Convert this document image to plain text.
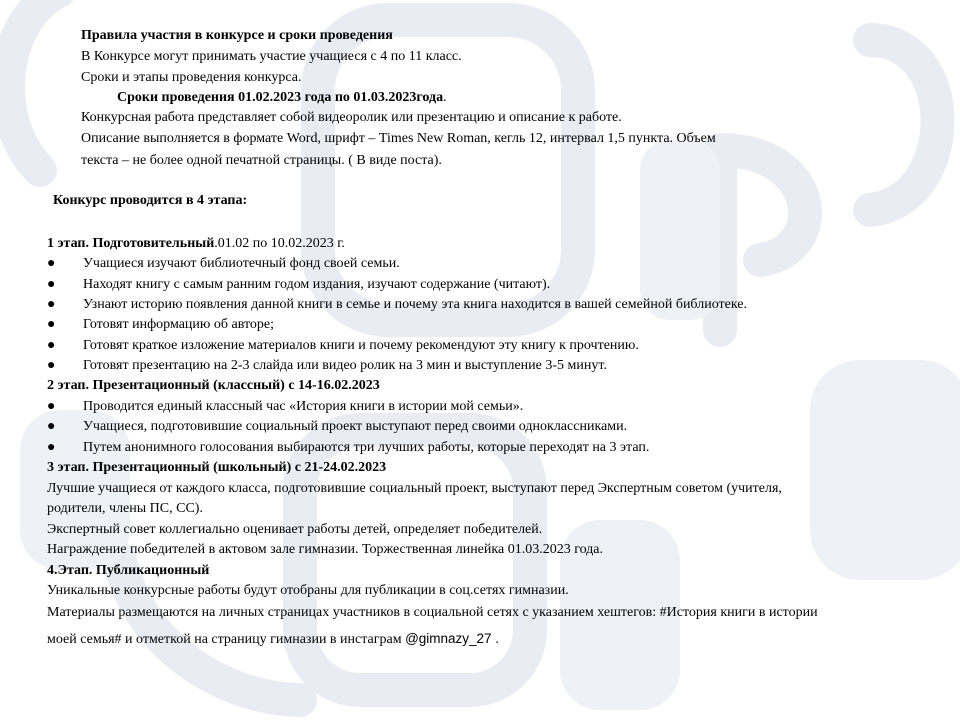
Правила участия в конкурсе и сроки проведения
В Конкурсе могут принимать участие учащиеся с 4 по 11 класс.
Сроки и этапы проведения конкурса.
Сроки проведения 01.02.2023 года по 01.03.2023года.
Конкурсная работа представляет собой видеоролик или презентацию и описание к работе.
Описание выполняется в формате Word, шрифт – Times New Roman, кегль 12, интервал 1,5 пункта. Объем
текста – не более одной печатной страницы. ( В виде поста).
Конкурс проводится в 4 этапа:
1 этап. Подготовительный.01.02 по 10.02.2023 г.
● Учащиеся изучают библиотечный фонд своей семьи.
● Находят книгу с самым ранним годом издания, изучают содержание (читают).
● Узнают историю появления данной книги в семье и почему эта книга находится в вашей семейной библиотеке.
● Готовят информацию об авторе;
● Готовят краткое изложение материалов книги и почему рекомендуют эту книгу к прочтению.
● Готовят презентацию на 2-3 слайда или видео ролик на 3 мин и выступление 3-5 минут.
2 этап. Презентационный (классный) с 14-16.02.2023
● Проводится единый классный час «История книги в истории мой семьи».
● Учащиеся, подготовившие социальный проект выступают перед своими одноклассниками.
● Путем анонимного голосования выбираются три лучших работы, которые переходят на 3 этап.
3 этап. Презентационный (школьный) с 21-24.02.2023
Лучшие учащиеся от каждого класса, подготовившие социальный проект, выступают перед Экспертным советом (учителя,
родители, члены ПС, СС).
Экспертный совет коллегиально оценивает работы детей, определяет победителей.
Награждение победителей в актовом зале гимназии. Торжественная линейка 01.03.2023 года.
4.Этап. Публикационный
Уникальные конкурсные работы будут отобраны для публикации в соц.сетях гимназии.
Материалы размещаются на личных страницах участников в социальной сетях с указанием хештегов: #История книги в истории
моей семья# и отметкой на страницу гимназии в инстаграм @gimnazy_27 .
